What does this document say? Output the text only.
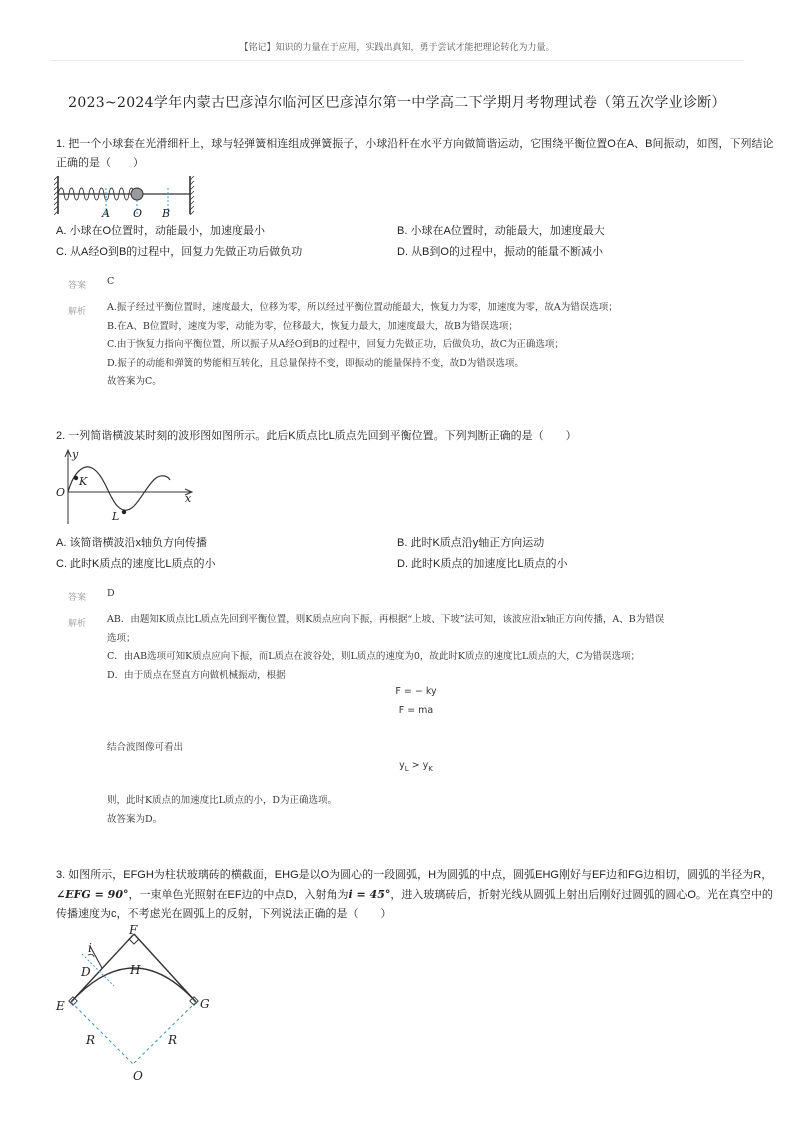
【铭记】知识的力量在于应用，实践出真知，勇于尝试才能把理论转化为力量。
2023~2024学年内蒙古巴彦淖尔临河区巴彦淖尔第一中学高二下学期月考物理试卷（第五次学业诊断）
1. 把一个小球套在光滑细杆上，球与轻弹簧相连组成弹簧振子，小球沿杆在水平方向做简谐运动，它围绕平衡位置O在A、B间振动，如图，下列结论
正确的是（　　）
A O B
A. 小球在O位置时，动能最小，加速度最小	B. 小球在A位置时，动能最大，加速度最大
C. 从A经O到B的过程中，回复力先做正功后做负功	D. 从B到O的过程中，振动的能量不断减小
答案 C
解析 A.振子经过平衡位置时，速度最大，位移为零，所以经过平衡位置动能最大，恢复力为零，加速度为零，故A为错误选项；
B.在A、B位置时，速度为零，动能为零，位移最大，恢复力最大，加速度最大，故B为错误选项；
C.由于恢复力指向平衡位置，所以振子从A经O到B的过程中，回复力先做正功，后做负功，故C为正确选项；
D.振子的动能和弹簧的势能相互转化，且总量保持不变，即振动的能量保持不变，故D为错误选项。
故答案为C。
2. 一列简谐横波某时刻的波形图如图所示。此后K质点比L质点先回到平衡位置。下列判断正确的是（　　）
y
x
O
K
L
A. 该简谐横波沿x轴负方向传播	B. 此时K质点沿y轴正方向运动
C. 此时K质点的速度比L质点的小	D. 此时K质点的加速度比L质点的小
答案 D
解析 AB．由题知K质点比L质点先回到平衡位置，则K质点应向下振，再根据“上坡、下坡”法可知，该波应沿x轴正方向传播，A、B为错误
选项；
C．由AB选项可知K质点应向下振，而L质点在波谷处，则L质点的速度为0，故此时K质点的速度比L质点的大，C为错误选项；
D．由于质点在竖直方向做机械振动，根据
F = − ky
F = ma
结合波图像可看出
$y_L > y_K$
则，此时K质点的加速度比L质点的小，D为正确选项。
故答案为D。
3. 如图所示，EFGH为柱状玻璃砖的横截面，EHG是以O为圆心的一段圆弧，H为圆弧的中点，圆弧EHG刚好与EF边和FG边相切，圆弧的半径为R，
∠EFG = 90°，一束单色光照射在EF边的中点D，入射角为i = 45°，进入玻璃砖后，折射光线从圆弧上射出后刚好过圆弧的圆心O。光在真空中的
传播速度为c，不考虑光在圆弧上的反射，下列说法正确的是（　　）
F
i
D	H
E	G
R	R
O
